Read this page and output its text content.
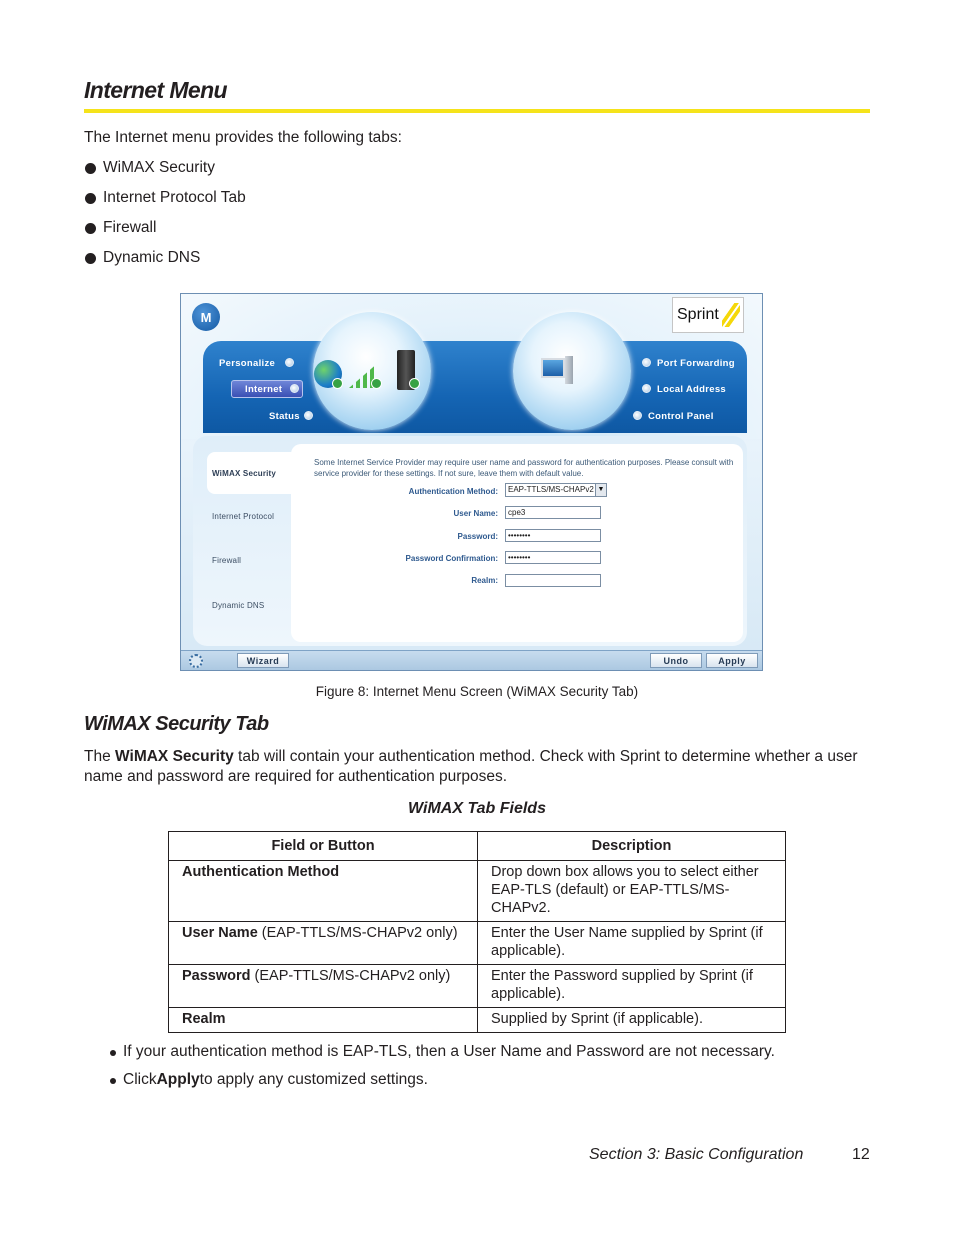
Internet Menu

The Internet menu provides the following tabs:

WiMAX Security
Internet Protocol Tab
Firewall
Dynamic DNS
M	Sprint
Personalize
Internet
Status
Port Forwarding
Local Address
Control Panel
WiMAX Security
Internet Protocol
Firewall
Dynamic DNS

Some Internet Service Provider may require user name and password for authentication purposes. Please consult with service provider for these settings. If not sure, leave them with default value.

Authentication Method:	EAP-TTLS/MS-CHAPv2 ▼
User Name:	cpe3
Password:	••••••••
Password Confirmation:	••••••••
Realm:
Wizard	Undo	Apply

Figure 8: Internet Menu Screen (WiMAX Security Tab)

WiMAX Security Tab

The WiMAX Security tab will contain your authentication method. Check with Sprint to determine whether a user name and password are required for authentication purposes.

WiMAX Tab Fields

Field or Button	Description
Authentication Method	Drop down box allows you to select either EAP-TLS (default) or EAP-TTLS/MS-CHAPv2.
User Name (EAP-TTLS/MS-CHAPv2 only)	Enter the User Name supplied by Sprint (if applicable).
Password (EAP-TTLS/MS-CHAPv2 only)	Enter the Password supplied by Sprint (if applicable).
Realm	Supplied by Sprint (if applicable).
If your authentication method is EAP-TLS, then a User Name and Password are not necessary.
Click Apply to apply any customized settings.
Section 3: Basic Configuration	12
